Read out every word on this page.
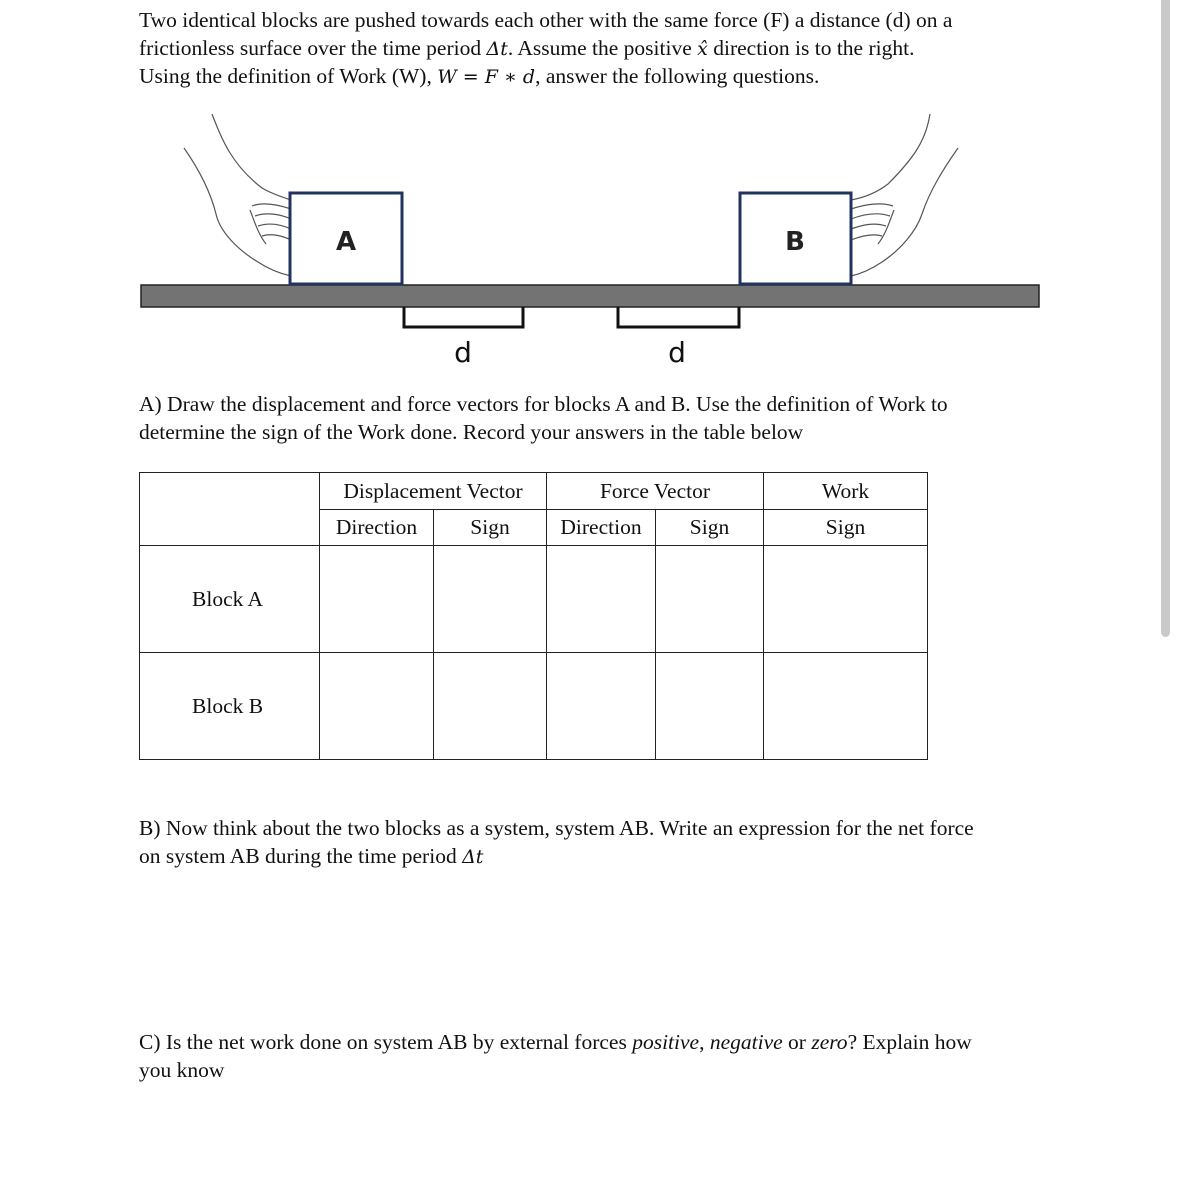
Two identical blocks are pushed towards each other with the same force (F) a distance (d) on a
frictionless surface over the time period Δt. Assume the positive x̂ direction is to the right.
Using the definition of Work (W), W = F ∗ d, answer the following questions.

A	B
d	d

A) Draw the displacement and force vectors for blocks A and B. Use the definition of Work to
determine the sign of the Work done. Record your answers in the table below

	Displacement Vector		Force Vector		Work
	Direction	Sign	Direction	Sign	Sign
Block A					
Block B					

B) Now think about the two blocks as a system, system AB. Write an expression for the net force
on system AB during the time period Δt

C) Is the net work done on system AB by external forces positive, negative or zero? Explain how
you know
